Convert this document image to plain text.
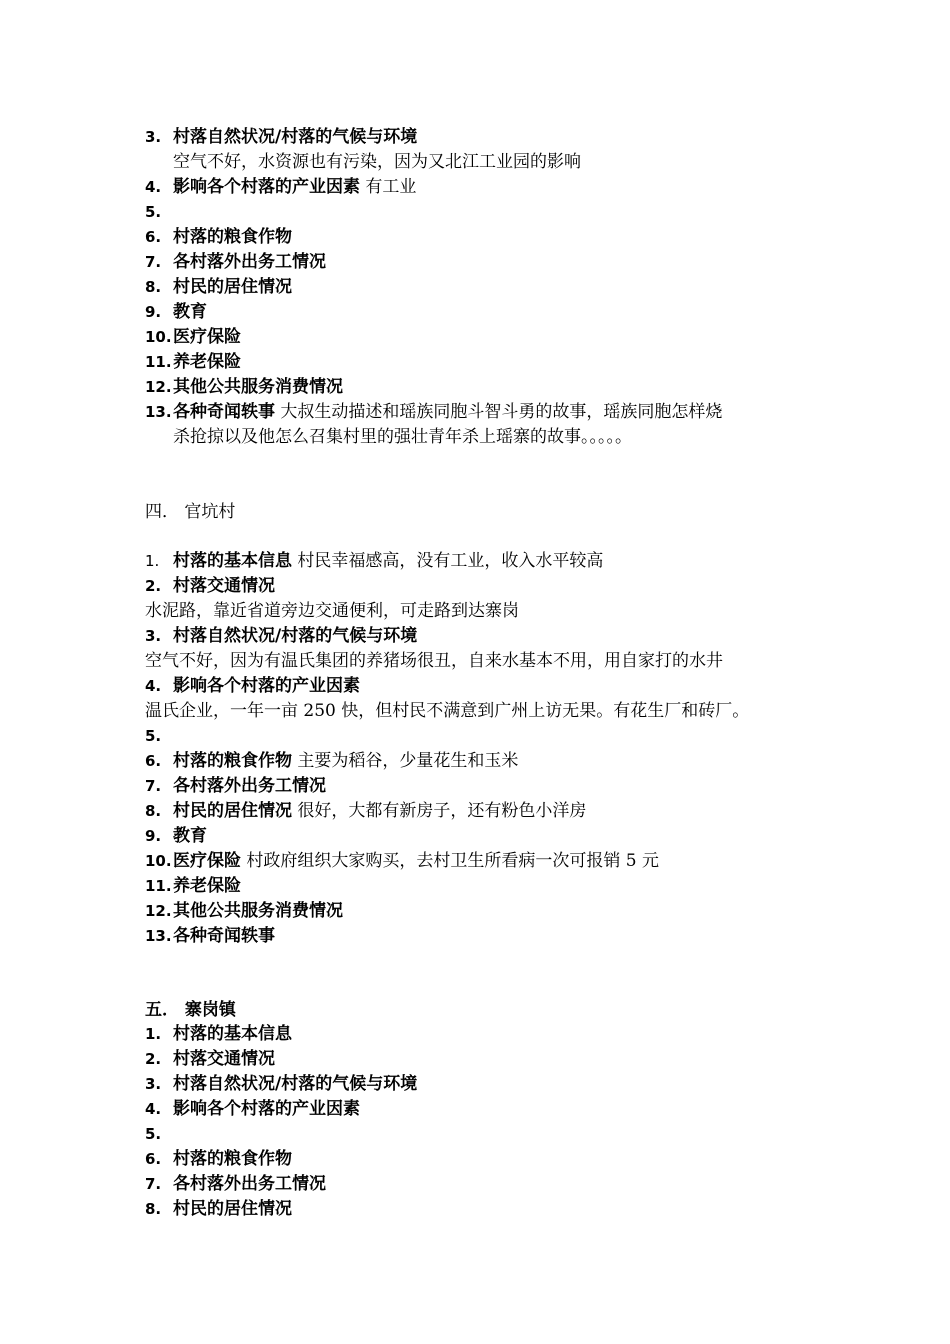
3. 村落自然状况/村落的气候与环境
空气不好，水资源也有污染，因为又北江工业园的影响
4. 影响各个村落的产业因素 有工业
5.
6. 村落的粮食作物
7. 各村落外出务工情况
8. 村民的居住情况
9. 教育
10.医疗保险
11.养老保险
12.其他公共服务消费情况
13.各种奇闻轶事 大叔生动描述和瑶族同胞斗智斗勇的故事，瑶族同胞怎样烧
杀抢掠以及他怎么召集村里的强壮青年杀上瑶寨的故事。。。。。
四． 官坑村
1. 村落的基本信息 村民幸福感高，没有工业，收入水平较高
2. 村落交通情况
水泥路，靠近省道旁边交通便利，可走路到达寨岗
3. 村落自然状况/村落的气候与环境
空气不好，因为有温氏集团的养猪场很丑，自来水基本不用，用自家打的水井
4. 影响各个村落的产业因素
温氏企业，一年一亩 250 快，但村民不满意到广州上访无果。有花生厂和砖厂。
5.
6. 村落的粮食作物 主要为稻谷，少量花生和玉米
7. 各村落外出务工情况
8. 村民的居住情况 很好，大都有新房子，还有粉色小洋房
9. 教育
10.医疗保险 村政府组织大家购买，去村卫生所看病一次可报销 5 元
11.养老保险
12.其他公共服务消费情况
13.各种奇闻轶事
五． 寨岗镇
1. 村落的基本信息
2. 村落交通情况
3. 村落自然状况/村落的气候与环境
4. 影响各个村落的产业因素
5.
6. 村落的粮食作物
7. 各村落外出务工情况
8. 村民的居住情况
